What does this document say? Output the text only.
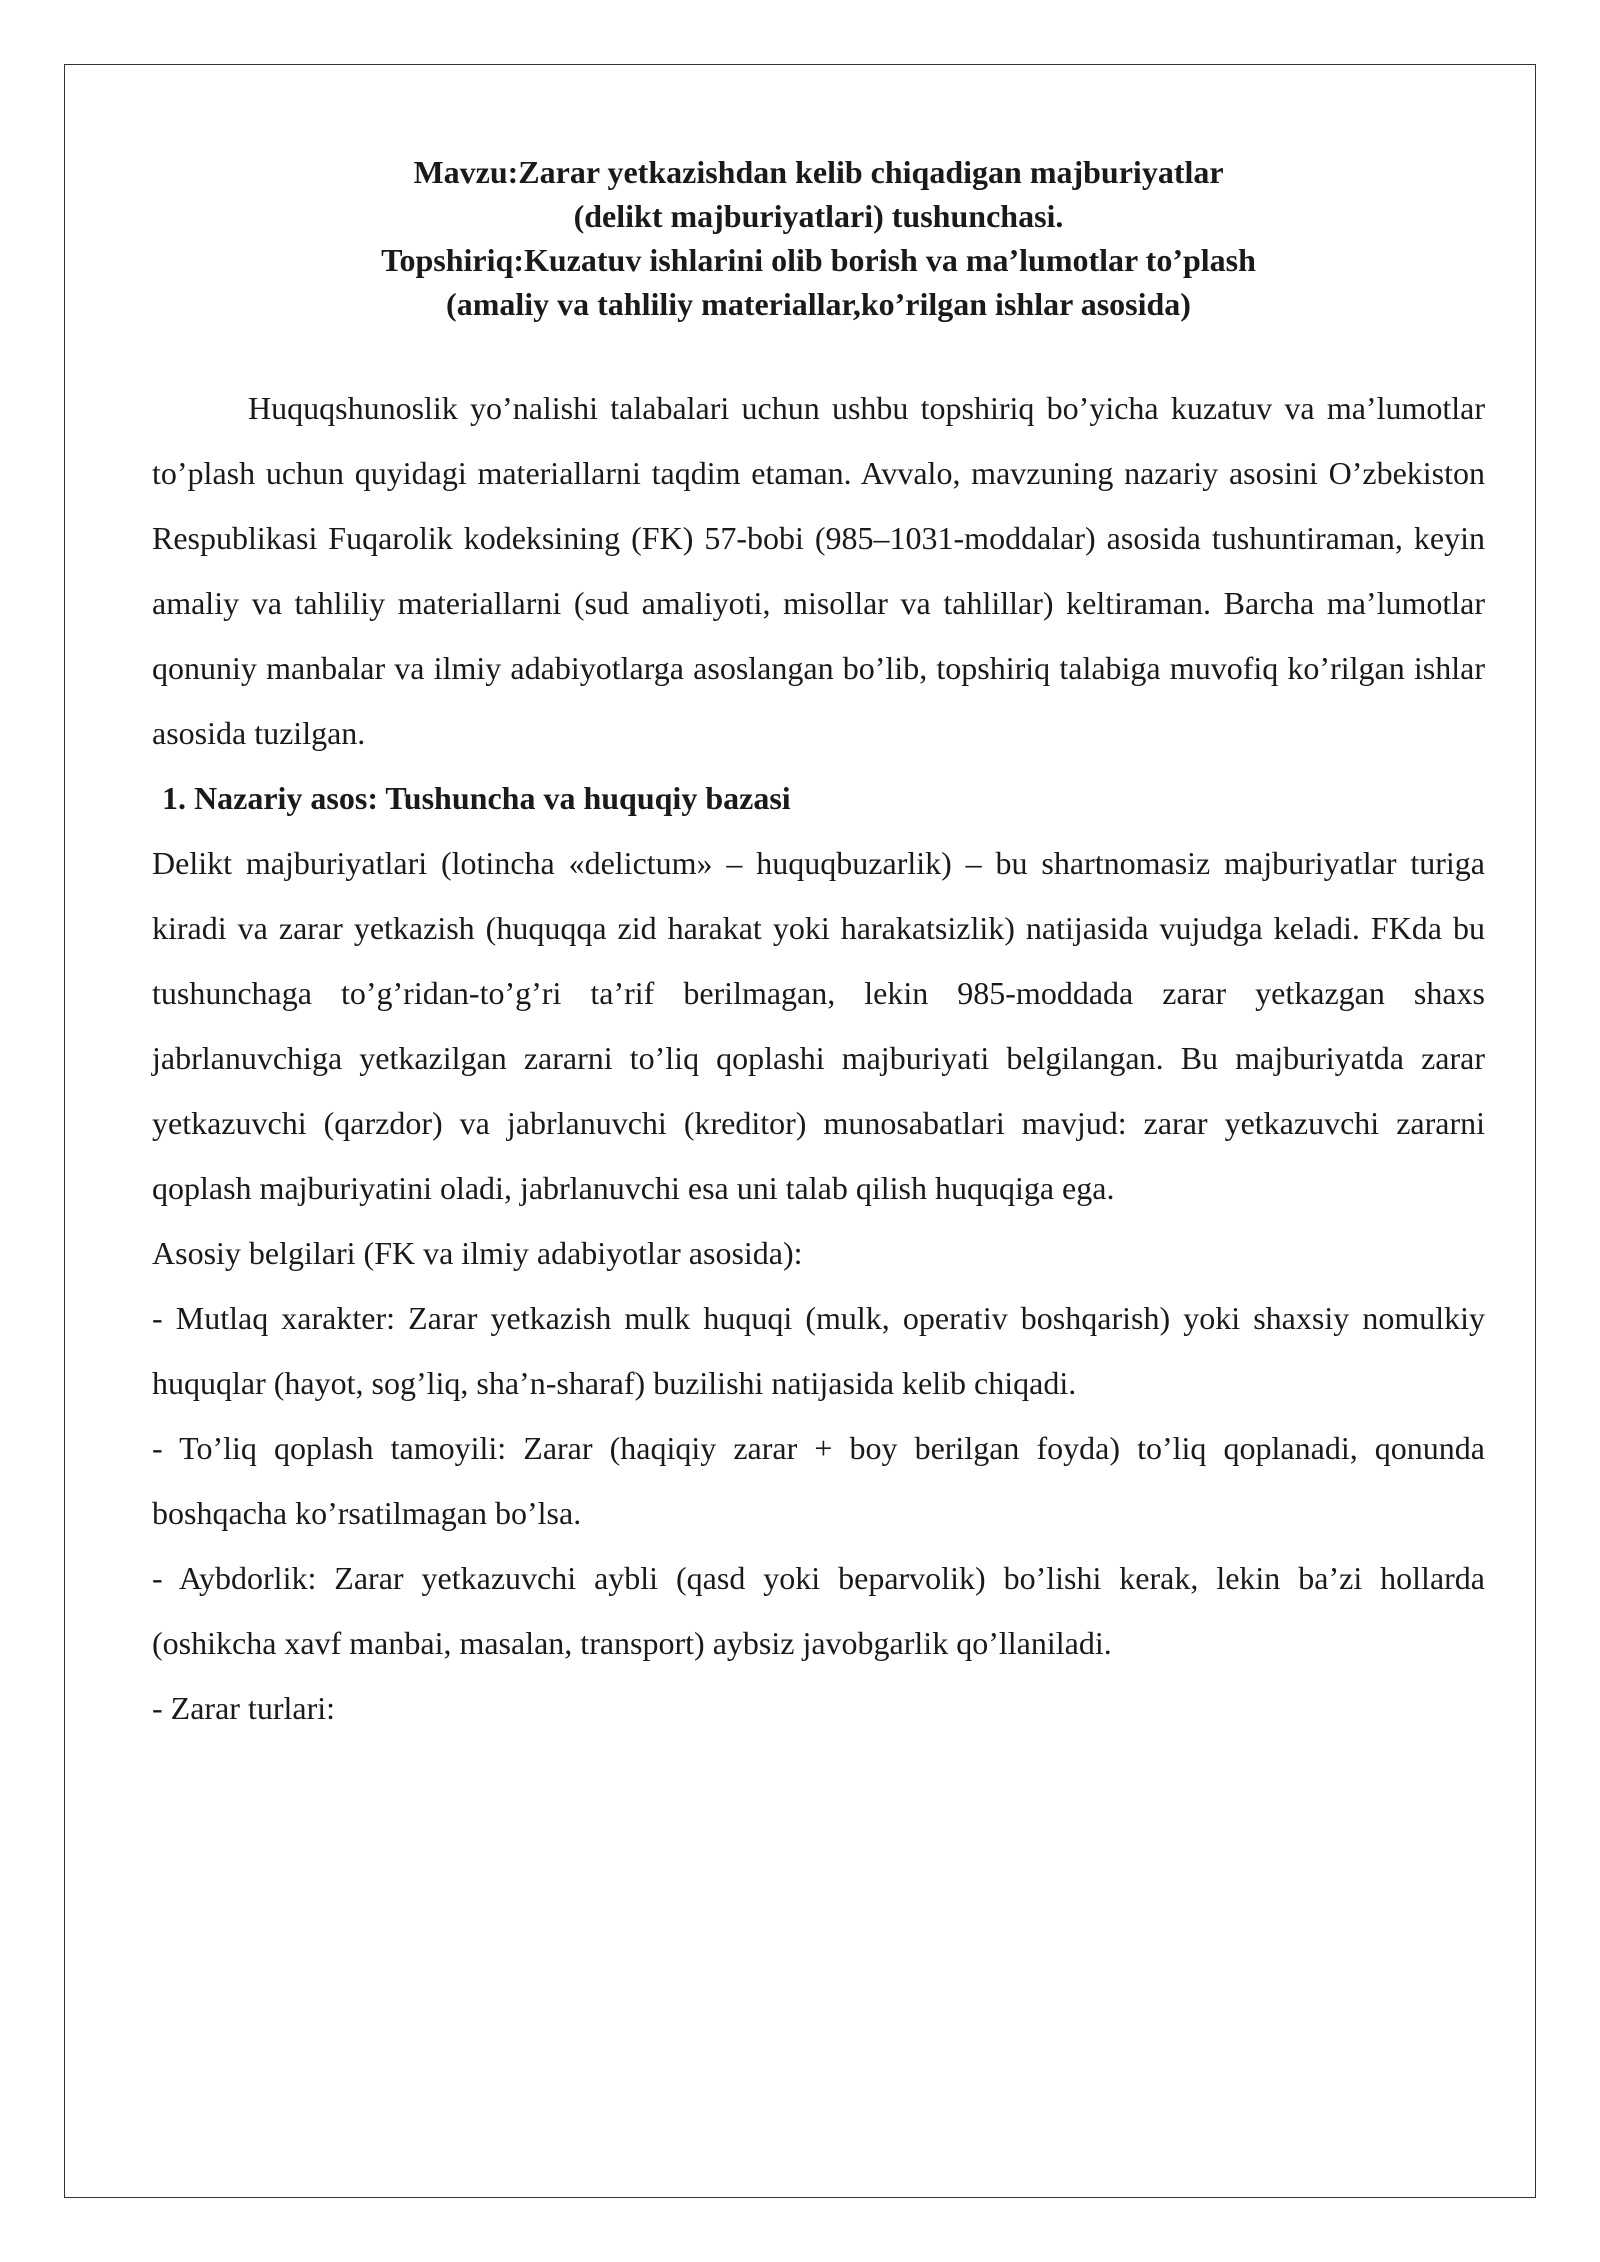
Mavzu:Zarar yetkazishdan kelib chiqadigan majburiyatlar
(delikt majburiyatlari) tushunchasi.
Topshiriq:Kuzatuv ishlarini olib borish va ma’lumotlar to’plash
(amaliy va tahliliy materiallar,ko’rilgan ishlar asosida)

Huquqshunoslik yo’nalishi talabalari uchun ushbu topshiriq bo’yicha kuzatuv va ma’lumotlar to’plash uchun quyidagi materiallarni taqdim etaman. Avvalo, mavzuning nazariy asosini O’zbekiston Respublikasi Fuqarolik kodeksining (FK) 57-bobi (985–1031-moddalar) asosida tushuntiraman, keyin amaliy va tahliliy materiallarni (sud amaliyoti, misollar va tahlillar) keltiraman. Barcha ma’lumotlar qonuniy manbalar va ilmiy adabiyotlarga asoslangan bo’lib, topshiriq talabiga muvofiq ko’rilgan ishlar asosida tuzilgan.

1. Nazariy asos: Tushuncha va huquqiy bazasi

Delikt majburiyatlari (lotincha «delictum» – huquqbuzarlik) – bu shartnomasiz majburiyatlar turiga kiradi va zarar yetkazish (huquqqa zid harakat yoki harakatsizlik) natijasida vujudga keladi. FKda bu tushunchaga to’g’ridan-to’g’ri ta’rif berilmagan, lekin 985-moddada zarar yetkazgan shaxs jabrlanuvchiga yetkazilgan zararni to’liq qoplashi majburiyati belgilangan. Bu majburiyatda zarar yetkazuvchi (qarzdor) va jabrlanuvchi (kreditor) munosabatlari mavjud: zarar yetkazuvchi zararni qoplash majburiyatini oladi, jabrlanuvchi esa uni talab qilish huquqiga ega.

Asosiy belgilari (FK va ilmiy adabiyotlar asosida):

- Mutlaq xarakter: Zarar yetkazish mulk huquqi (mulk, operativ boshqarish) yoki shaxsiy nomulkiy huquqlar (hayot, sog’liq, sha’n-sharaf) buzilishi natijasida kelib chiqadi.

- To’liq qoplash tamoyili: Zarar (haqiqiy zarar + boy berilgan foyda) to’liq qoplanadi, qonunda boshqacha ko’rsatilmagan bo’lsa.

- Aybdorlik: Zarar yetkazuvchi aybli (qasd yoki beparvolik) bo’lishi kerak, lekin ba’zi hollarda (oshikcha xavf manbai, masalan, transport) aybsiz javobgarlik qo’llaniladi.

- Zarar turlari:
